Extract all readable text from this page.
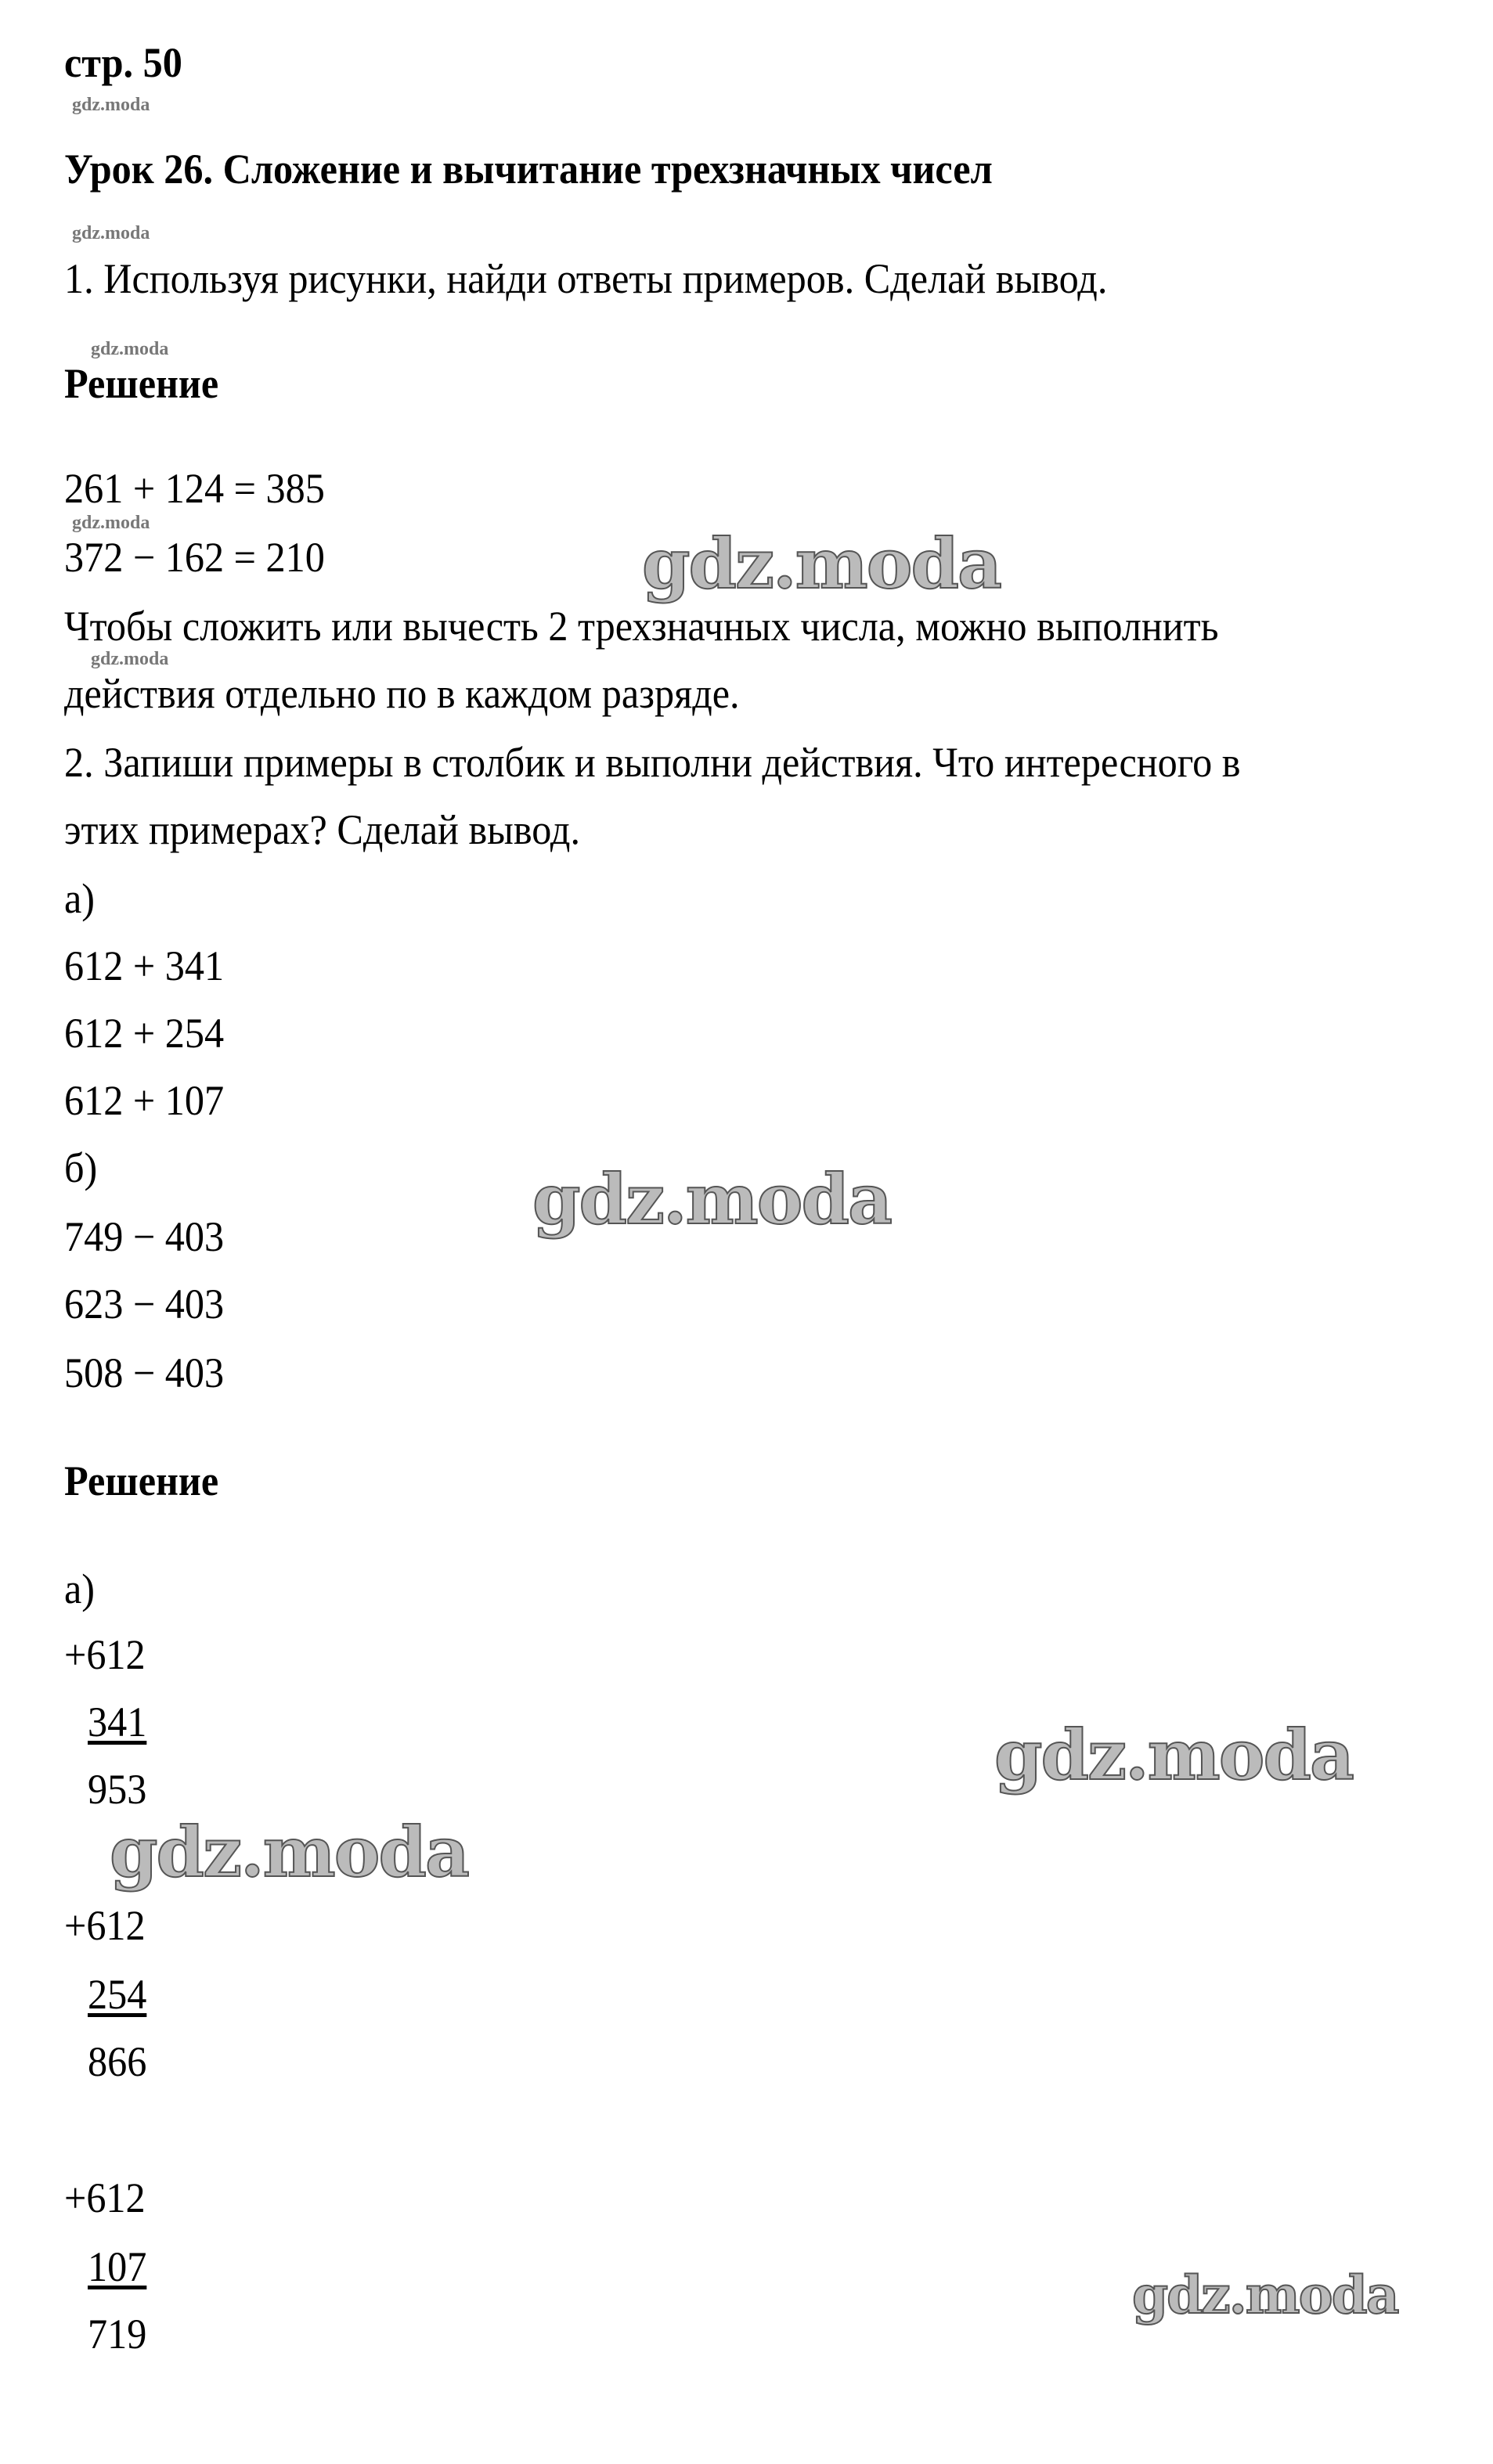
стр. 50
gdz.moda
Урок 26. Сложение и вычитание трехзначных чисел
gdz.moda
1. Используя рисунки, найди ответы примеров. Сделай вывод.
gdz.moda
Решение
261 + 124 = 385
gdz.moda
372 − 162 = 210
Чтобы сложить или вычесть 2 трехзначных числа, можно выполнить
gdz.moda
действия отдельно по в каждом разряде.
2. Запиши примеры в столбик и выполни действия. Что интересного в
этих примерах? Сделай вывод.
а)
612 + 341
612 + 254
612 + 107
б)
749 − 403
623 − 403
508 − 403
Решение
а)
+612
341
953
+612
254
866
+612
107
719
gdz.moda
gdz.moda
gdz.moda
gdz.moda
gdz.moda
